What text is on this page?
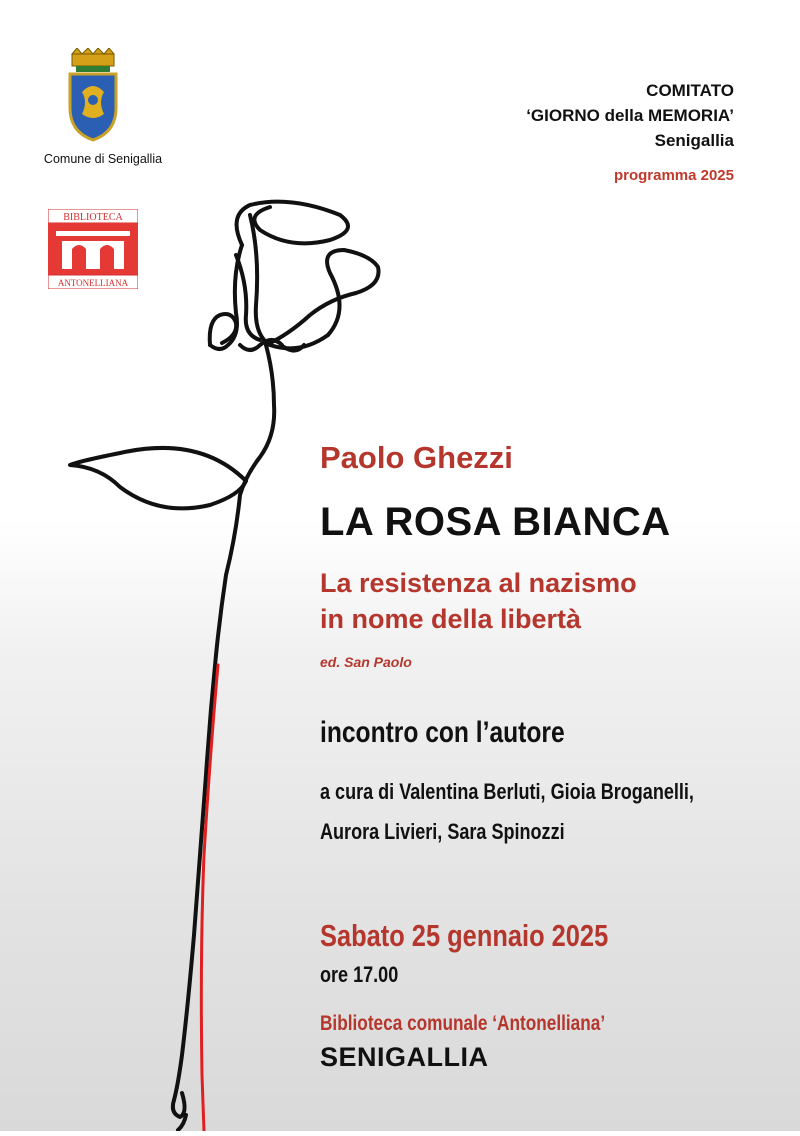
Comune di Senigallia
BIBLIOTECA
ANTONELLIANA
COMITATO
‘GIORNO della MEMORIA’
Senigallia
programma 2025
Paolo Ghezzi
LA ROSA BIANCA
La resistenza al nazismo
in nome della libertà
ed. San Paolo
incontro con l’autore
a cura di Valentina Berluti, Gioia Broganelli,
Aurora Livieri, Sara Spinozzi
Sabato 25 gennaio 2025
ore 17.00
Biblioteca comunale ‘Antonelliana’
SENIGALLIA
